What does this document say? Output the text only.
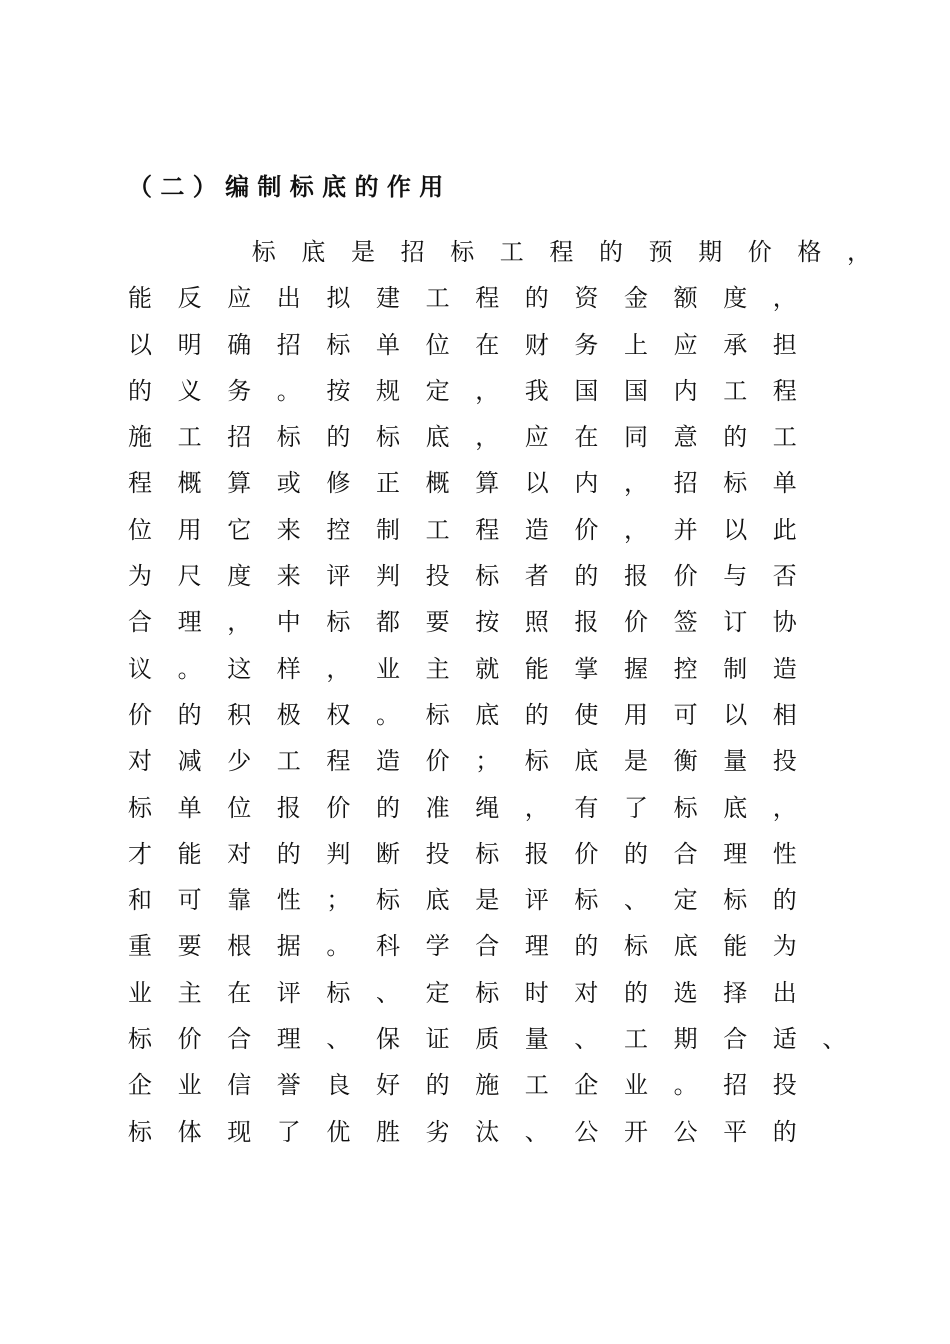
（ 二 ） 编 制 标 底 的 作 用
标 底 是 招 标 工 程 的 预 期 价 格 ，
能 反 应 出 拟 建 工 程 的 资 金 额 度 ，
以 明 确 招 标 单 位 在 财 务 上 应 承 担
的 义 务 。 按 规 定 ， 我 国 国 内 工 程
施 工 招 标 的 标 底 ， 应 在 同 意 的 工
程 概 算 或 修 正 概 算 以 内 ， 招 标 单
位 用 它 来 控 制 工 程 造 价 ， 并 以 此
为 尺 度 来 评 判 投 标 者 的 报 价 与 否
合 理 ， 中 标 都 要 按 照 报 价 签 订 协
议 。 这 样 ， 业 主 就 能 掌 握 控 制 造
价 的 积 极 权 。 标 底 的 使 用 可 以 相
对 减 少 工 程 造 价 ； 标 底 是 衡 量 投
标 单 位 报 价 的 准 绳 ， 有 了 标 底 ，
才 能 对 的 判 断 投 标 报 价 的 合 理 性
和 可 靠 性 ； 标 底 是 评 标 、 定 标 的
重 要 根 据 。 科 学 合 理 的 标 底 能 为
业 主 在 评 标 、 定 标 时 对 的 选 择 出
标 价 合 理 、 保 证 质 量 、 工 期 合 适 、
企 业 信 誉 良 好 的 施 工 企 业 。 招 投
标 体 现 了 优 胜 劣 汰 、 公 开 公 平 的
